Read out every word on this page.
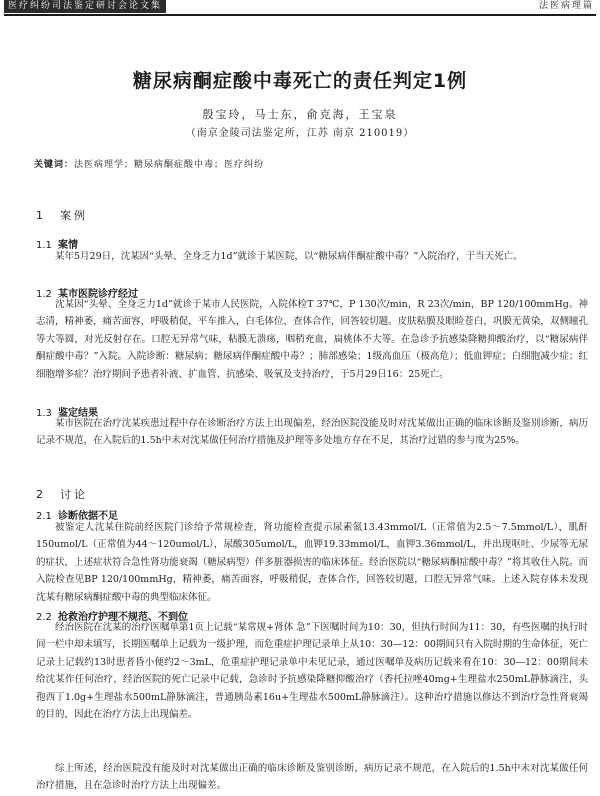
医疗纠纷司法鉴定研讨会论文集	法医病理篇
糖尿病酮症酸中毒死亡的责任判定1例
殷宝玲，马士东，俞克海，王宝泉
（南京金陵司法鉴定所，江苏 南京 210019）
关键词：法医病理学；糖尿病酮症酸中毒；医疗纠纷
1　案例
1.1 案情
某年5月29日，沈某因“头晕、全身乏力1d”就诊于某医院，以“糖尿病伴酮症酸中毒？”入院治疗，于当天死亡。
1.2 某市医院诊疗经过
沈某因“头晕、全身乏力1d”就诊于某市人民医院，入院体检T 37℃，P 130次/min，R 23次/min，BP 120/100mmHg。神志清，精神萎，痛苦面容，呼吸稍促，平车推入，白毛体位，查体合作，回答较切题。皮肤粘膜及眼睑苍白，巩膜无黄染，双侧瞳孔等大等圆，对光反射存在。口腔无异常气味，粘膜无溃疡，咽稍充血，扁桃体不大等。在急诊予抗感染降糖抑酸治疗，以“糖尿病伴酮症酸中毒？”入院。入院诊断：糖尿病；糖尿病伴酮症酸中毒？；肺部感染；1级高血压（极高危）；低血钾症；白细胞减少症；红细胞增多症？治疗期间予患者补液、扩血管、抗感染、吸氧及支持治疗，于5月29日16：25死亡。
1.3 鉴定结果
某市医院在治疗沈某疾患过程中存在诊断治疗方法上出现偏差，经治医院没能及时对沈某做出正确的临床诊断及鉴别诊断，病历记录不规范，在入院后的1.5h中未对沈某做任何治疗措施及护理等多处地方存在不足，其治疗过错的参与度为25%。
2　讨论
2.1 诊断依据不足
被鉴定人沈某住院前经医院门诊给予常规检查，肾功能检查提示尿素氮13.43mmol/L（正常值为2.5～7.5mmol/L），肌酐150umol/L（正常值为44～120umol/L），尿酸305umol/L，血钾19.33mmol/L，血钾3.36mmol/L，并出现呕吐、少尿等无尿的症状，上述症状符合急性肾功能衰竭（糖尿病型）伴多脏器损害的临床体征。经治医院以“糖尿病酮症酸中毒？”将其收住入院。而入院检查见BP 120/100mmHg，精神萎，痛苦面容，呼吸稍促，查体合作，回答较切题，口腔无异常气味。上述入院存体未发现沈某有糖尿病酮症酸中毒的典型临床体征。
2.2 抢救治疗护理不规范、不到位
经治医院在沈某的治疗医嘱单第1页上记载“某常规+肾体 急”下医嘱时间为10：30，但执行时间为11：30，有些医嘱的执行时间一栏中却未填写，长期医嘱单上记载为一级护理，而危重症护理记录单上从10：30—12：00期间只有入院时期的生命体征，死亡记录上记载约13时患者昏小便约2～3mL，危重症护理记录单中未见记录，通过医嘱单及病历记载来看在10：30—12：00期间未给沈某作任何治疗，经治医院的死亡记录中记载，急诊时予抗感染降糖抑酸治疗（香托拉唑40mg+生理盐水250mL静脉滴注，头孢西丁1.0g+生理盐水500mL静脉滴注，普通胰岛素16u+生理盐水500mL静脉滴注）。这种治疗措施以修达不到治疗急性肾衰竭的目的，因此在治疗方法上出现偏差。
综上所述，经治医院没有能及时对沈某做出正确的临床诊断及鉴别诊断，病历记录不规范，在入院后的1.5h中未对沈某做任何治疗措施，且在急诊时治疗方法上出现偏差。
